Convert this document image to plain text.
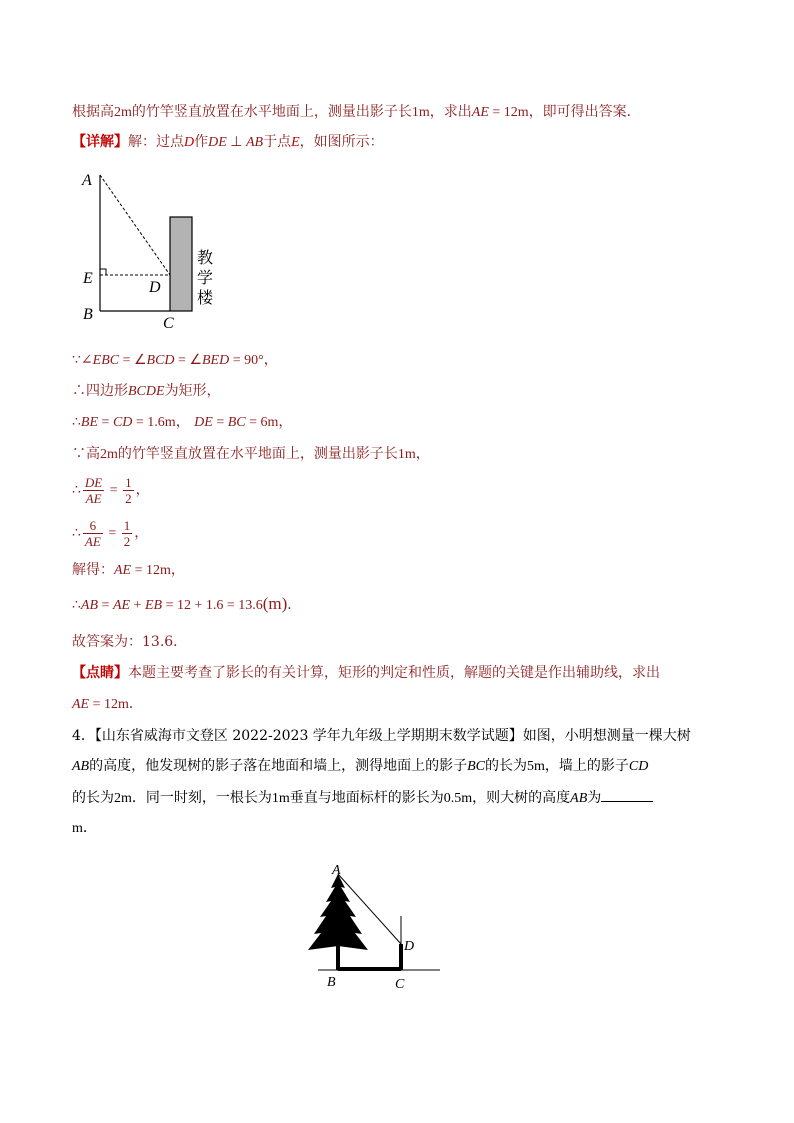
根据高2m的竹竿竖直放置在水平地面上，测量出影子长1m，求出AE = 12m，即可得出答案．
【详解】解：过点D作DE ⊥ AB于点E，如图所示：
A
E
B
D
C
教
学
楼
∵∠EBC = ∠BCD = ∠BED = 90°，
∴四边形BCDE为矩形，
∴BE = CD = 1.6m， DE = BC = 6m，
∵高2m的竹竿竖直放置在水平地面上，测量出影子长1m，
∴ $\frac{DE}{AE} = \frac{1}{2}$ ，
∴ $\frac{6}{AE} = \frac{1}{2}$ ，
解得：AE = 12m，
∴AB = AE + EB = 12 + 1.6 = 13.6(m)．
故答案为：13.6．
【点睛】本题主要考查了影长的有关计算，矩形的判定和性质，解题的关键是作出辅助线，求出
AE = 12m．
4．【山东省威海市文登区 2022-2023 学年九年级上学期期末数学试题】如图，小明想测量一棵大树
AB的高度，他发现树的影子落在地面和墙上，测得地面上的影子BC的长为5m，墙上的影子CD
的长为2m．同一时刻，一根长为1m垂直与地面标杆的影长为0.5m，则大树的高度AB为
m．
A
D
B	C
